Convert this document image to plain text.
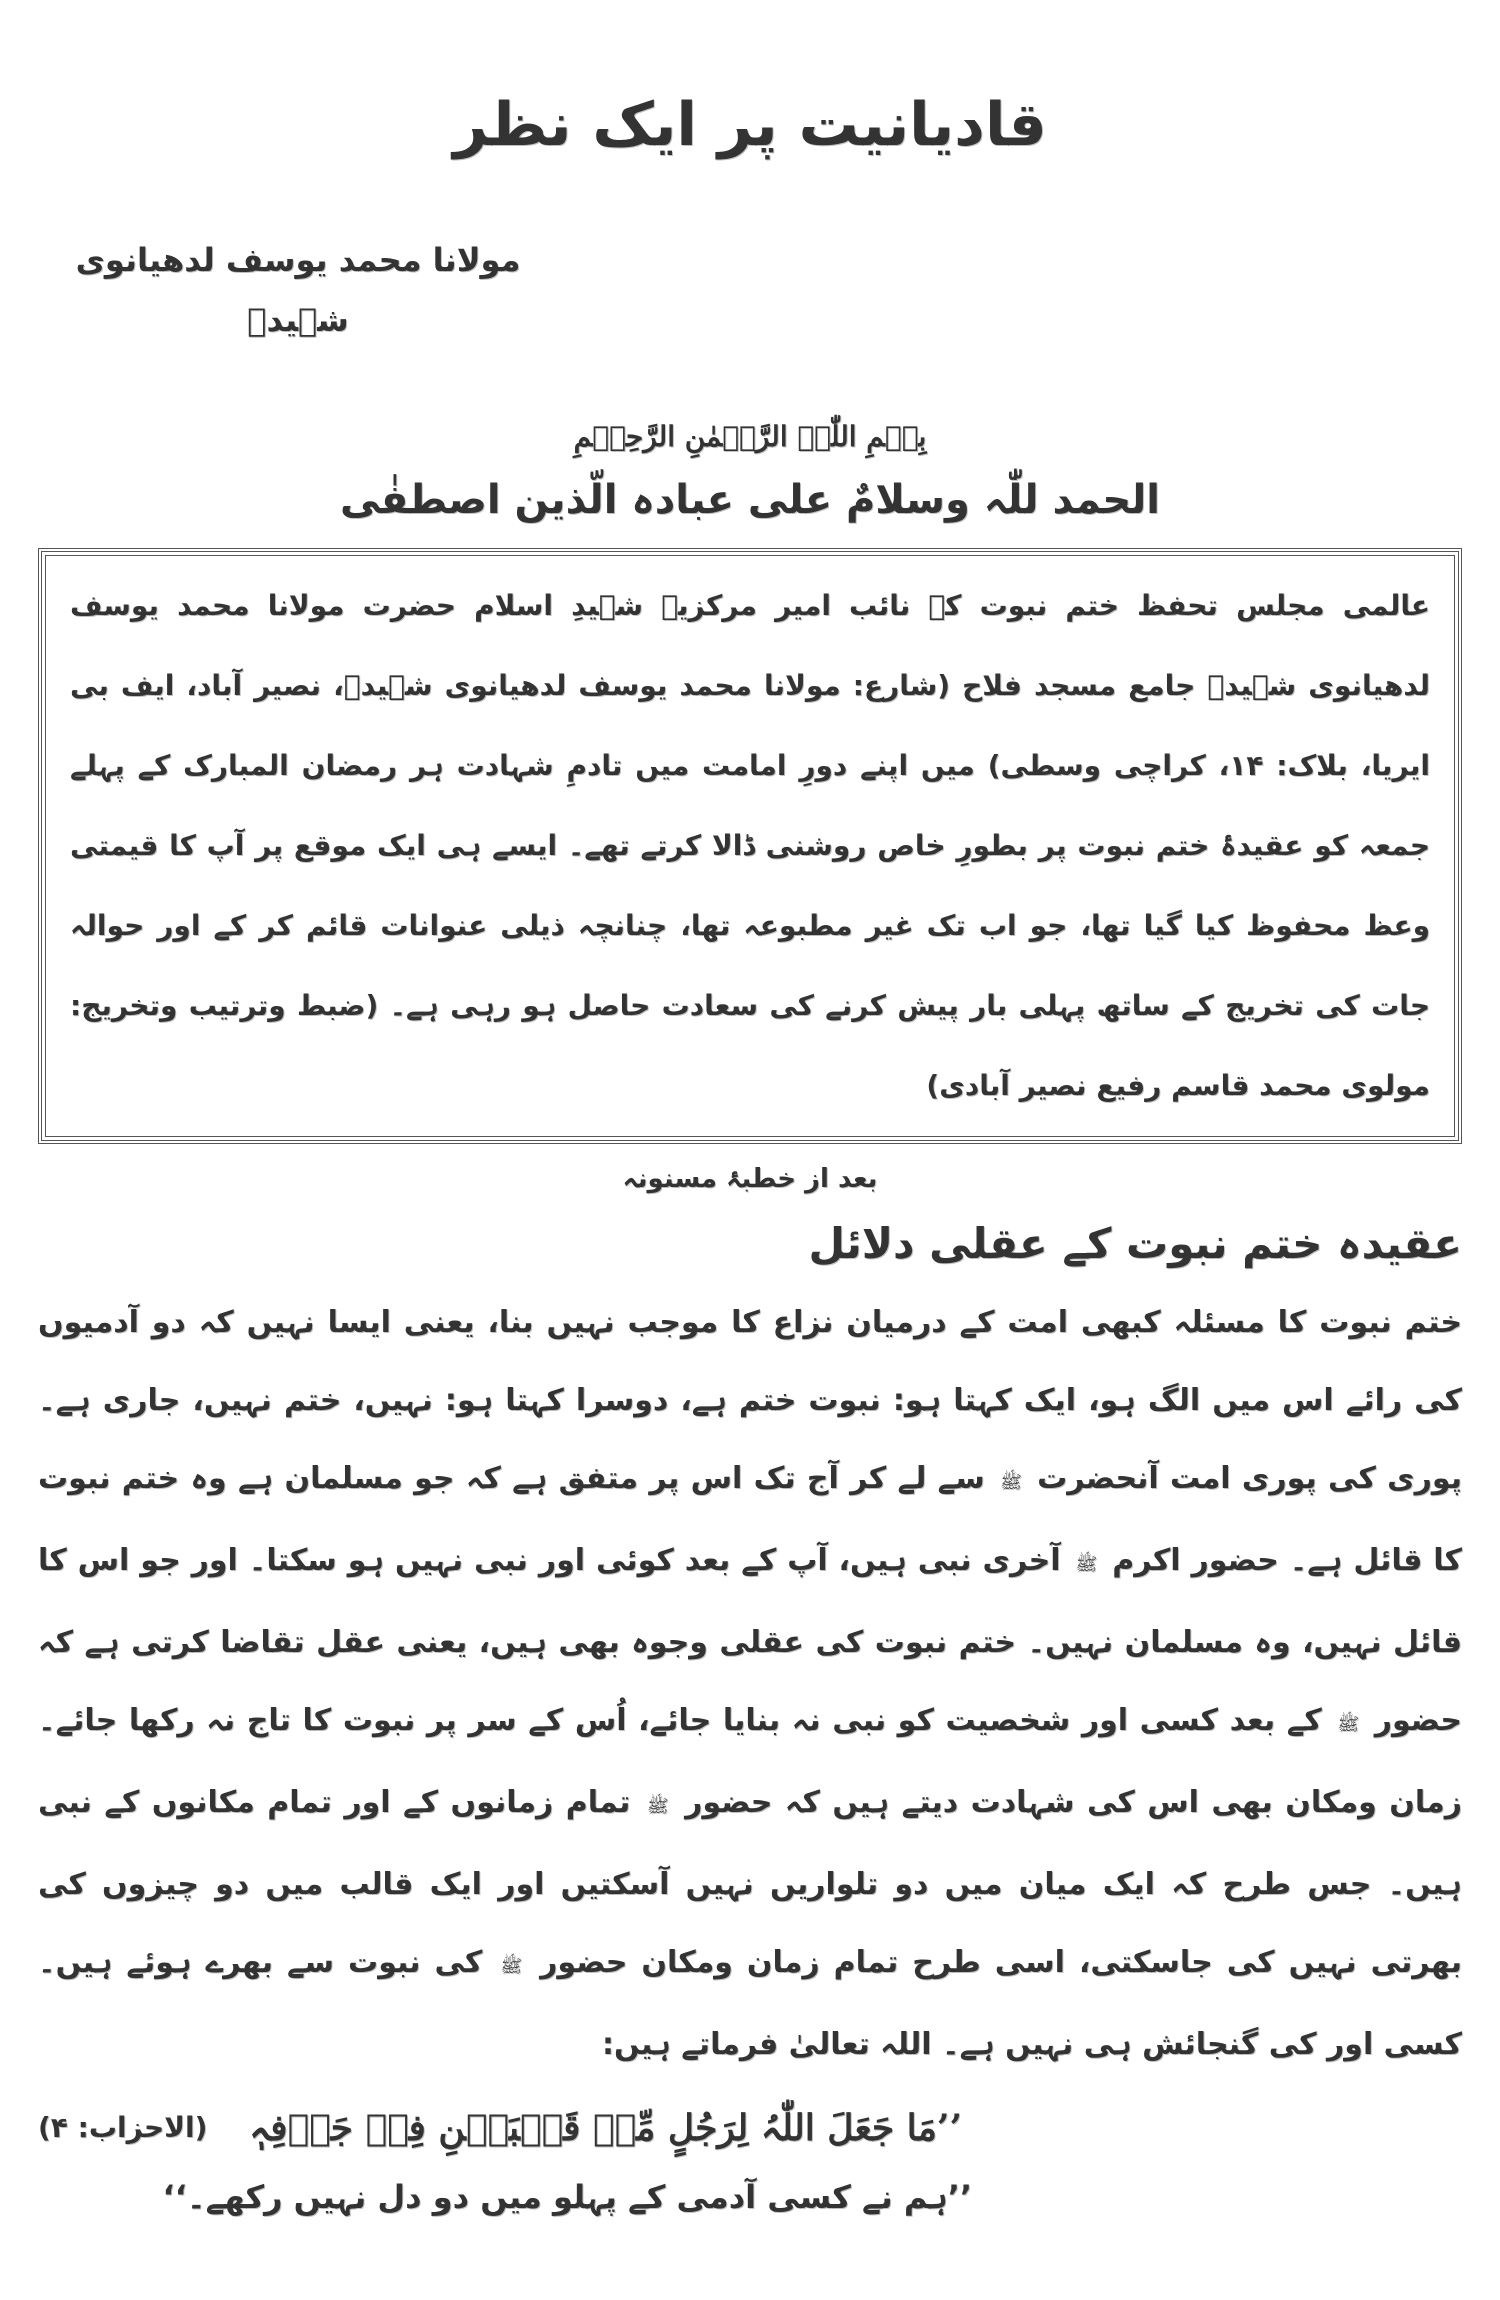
قادیانیت پر ایک نظر
مولانا محمد یوسف لدھیانوی شہیدؒ
بِسۡمِ اللّٰہِ الرَّحۡمٰنِ الرَّحِیۡمِ
الحمد للّٰہ وسلامٌ علی عبادہ الّذین اصطفٰی
عالمی مجلس تحفظ ختم نبوت کے نائب امیر مرکزیہ شہیدِ اسلام حضرت مولانا محمد یوسف لدھیانوی شہیدؒ جامع مسجد فلاح (شارع: مولانا محمد یوسف لدھیانوی شہیدؒ، نصیر آباد، ایف بی ایریا، بلاک: ۱۴، کراچی وسطی) میں اپنے دورِ امامت میں تادمِ شہادت ہر رمضان المبارک کے پہلے جمعہ کو عقیدۂ ختم نبوت پر بطورِ خاص روشنی ڈالا کرتے تھے۔ ایسے ہی ایک موقع پر آپ کا قیمتی وعظ محفوظ کیا گیا تھا، جو اب تک غیر مطبوعہ تھا، چنانچہ ذیلی عنوانات قائم کر کے اور حوالہ جات کی تخریج کے ساتھ پہلی بار پیش کرنے کی سعادت حاصل ہو رہی ہے۔ (ضبط وترتیب وتخریج: مولوی محمد قاسم رفیع نصیر آبادی)
بعد از خطبۂ مسنونہ
عقیدہ ختم نبوت کے عقلی دلائل
ختم نبوت کا مسئلہ کبھی امت کے درمیان نزاع کا موجب نہیں بنا، یعنی ایسا نہیں کہ دو آدمیوں کی رائے اس میں الگ ہو، ایک کہتا ہو: نبوت ختم ہے، دوسرا کہتا ہو: نہیں، ختم نہیں، جاری ہے۔ پوری کی پوری امت آنحضرت ﷺ سے لے کر آج تک اس پر متفق ہے کہ جو مسلمان ہے وہ ختم نبوت کا قائل ہے۔ حضور اکرم ﷺ آخری نبی ہیں، آپ کے بعد کوئی اور نبی نہیں ہو سکتا۔ اور جو اس کا قائل نہیں، وہ مسلمان نہیں۔ ختم نبوت کی عقلی وجوہ بھی ہیں، یعنی عقل تقاضا کرتی ہے کہ حضور ﷺ کے بعد کسی اور شخصیت کو نبی نہ بنایا جائے، اُس کے سر پر نبوت کا تاج نہ رکھا جائے۔ زمان ومکان بھی اس کی شہادت دیتے ہیں کہ حضور ﷺ تمام زمانوں کے اور تمام مکانوں کے نبی ہیں۔ جس طرح کہ ایک میان میں دو تلواریں نہیں آسکتیں اور ایک قالب میں دو چیزوں کی بھرتی نہیں کی جاسکتی، اسی طرح تمام زمان ومکان حضور ﷺ کی نبوت سے بھرے ہوئے ہیں۔ کسی اور کی گنجائش ہی نہیں ہے۔ اللہ تعالیٰ فرماتے ہیں:
’’مَا جَعَلَ اللّٰہُ لِرَجُلٍ مِّنۡ قَلۡبَیۡنِ فِیۡ جَوۡفِہٖ
(الاحزاب: ۴)
’’ہم نے کسی آدمی کے پہلو میں دو دل نہیں رکھے۔‘‘
